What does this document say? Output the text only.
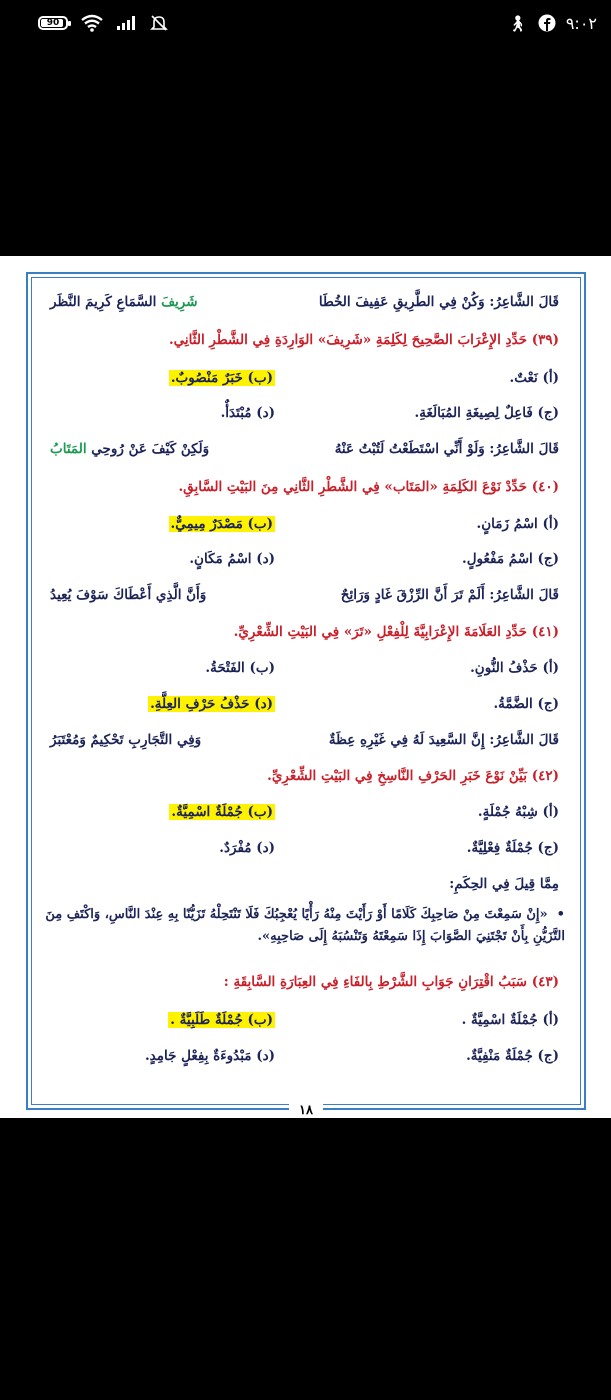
90	🚶︎ ٩:٠٢
١٨
قَالَ الشَّاعِرُ: وَكُنْ فِي الطَّرِيقِ عَفِيفَ الخُطَا
شَرِيفَ السَّمَاعِ كَرِيمَ النَّظَر
(٣٩) حَدِّدِ الإِعْرَابَ الصَّحِيحَ لِكَلِمَةِ «شَرِيفَ» الوَارِدَةِ فِي الشَّطْرِ الثَّانِي.
(أ) نَعْتٌ.
(ب) خَبَرٌ مَنْصُوبٌ.
(ج) فَاعِلٌ لِصِيغَةِ المُبَالَغَةِ.
(د) مُبْتَدَأٌ.
قَالَ الشَّاعِرُ: وَلَوْ أَنِّي اسْتَطَعْتُ لَتُبْتُ عَنْهُ
وَلَكِنْ كَيْفَ عَنْ رُوحِي المَتَابُ
(٤٠) حَدِّدْ نَوْعَ الكَلِمَةِ «المَتَاب» فِي الشَّطْرِ الثَّانِي مِنَ البَيْتِ السَّابِقِ.
(أ) اسْمُ زَمَانٍ.
(ب) مَصْدَرٌ مِيمِيٌّ.
(ج) اسْمُ مَفْعُولٍ.
(د) اسْمُ مَكَانٍ.
قَالَ الشَّاعِرُ: أَلَمْ تَرَ أَنَّ الرِّزْقَ غَادٍ وَرَائِحٌ
وَأَنَّ الَّذِي أَعْطَاكَ سَوْفَ يُعِيدُ
(٤١) حَدِّدِ العَلَامَةَ الإِعْرَابِيَّةَ لِلْفِعْلِ «تَرَ» فِي البَيْتِ الشِّعْرِيِّ.
(أ) حَذْفُ النُّونِ.
(ب) الفَتْحَةُ.
(ج) الضَّمَّةُ.
(د) حَذْفُ حَرْفِ العِلَّةِ.
قَالَ الشَّاعِرُ: إِنَّ السَّعِيدَ لَهُ فِي غَيْرِهِ عِظَةٌ
وَفِي التَّجَارِبِ تَحْكِيمٌ وَمُعْتَبَرُ
(٤٢) بَيِّنْ نَوْعَ خَبَرِ الحَرْفِ النَّاسِخِ فِي البَيْتِ الشِّعْرِيِّ.
(أ) شِبْهُ جُمْلَةٍ.
(ب) جُمْلَةٌ اسْمِيَّةٌ.
(ج) جُمْلَةٌ فِعْلِيَّةٌ.
(د) مُفْرَدٌ.
مِمَّا قِيلَ فِي الحِكَمِ:
•  «إِنْ سَمِعْتَ مِنْ صَاحِبِكَ كَلَامًا أَوْ رَأَيْتَ مِنْهُ رَأْيًا يُعْجِبُكَ فَلَا تَنْتَحِلْهُ تَزَيُّنًا بِهِ عِنْدَ النَّاسِ، وَاكْتَفِ مِنَ التَّزَيُّنِ بِأَنْ تَجْتَنِيَ الصَّوَابَ إِذَا سَمِعْتَهُ وَتَنْسُبَهُ إِلَى صَاحِبِهِ».
(٤٣) سَبَبُ اقْتِرَانِ جَوَابِ الشَّرْطِ بِالفَاءِ فِي العِبَارَةِ السَّابِقَةِ :
(أ) جُمْلَةٌ اسْمِيَّةٌ .
(ب) جُمْلَةٌ طَلَبِيَّةٌ .
(ج) جُمْلَةٌ مَنْفِيَّةٌ.
(د) مَبْدُوءَةٌ بِفِعْلٍ جَامِدٍ.
